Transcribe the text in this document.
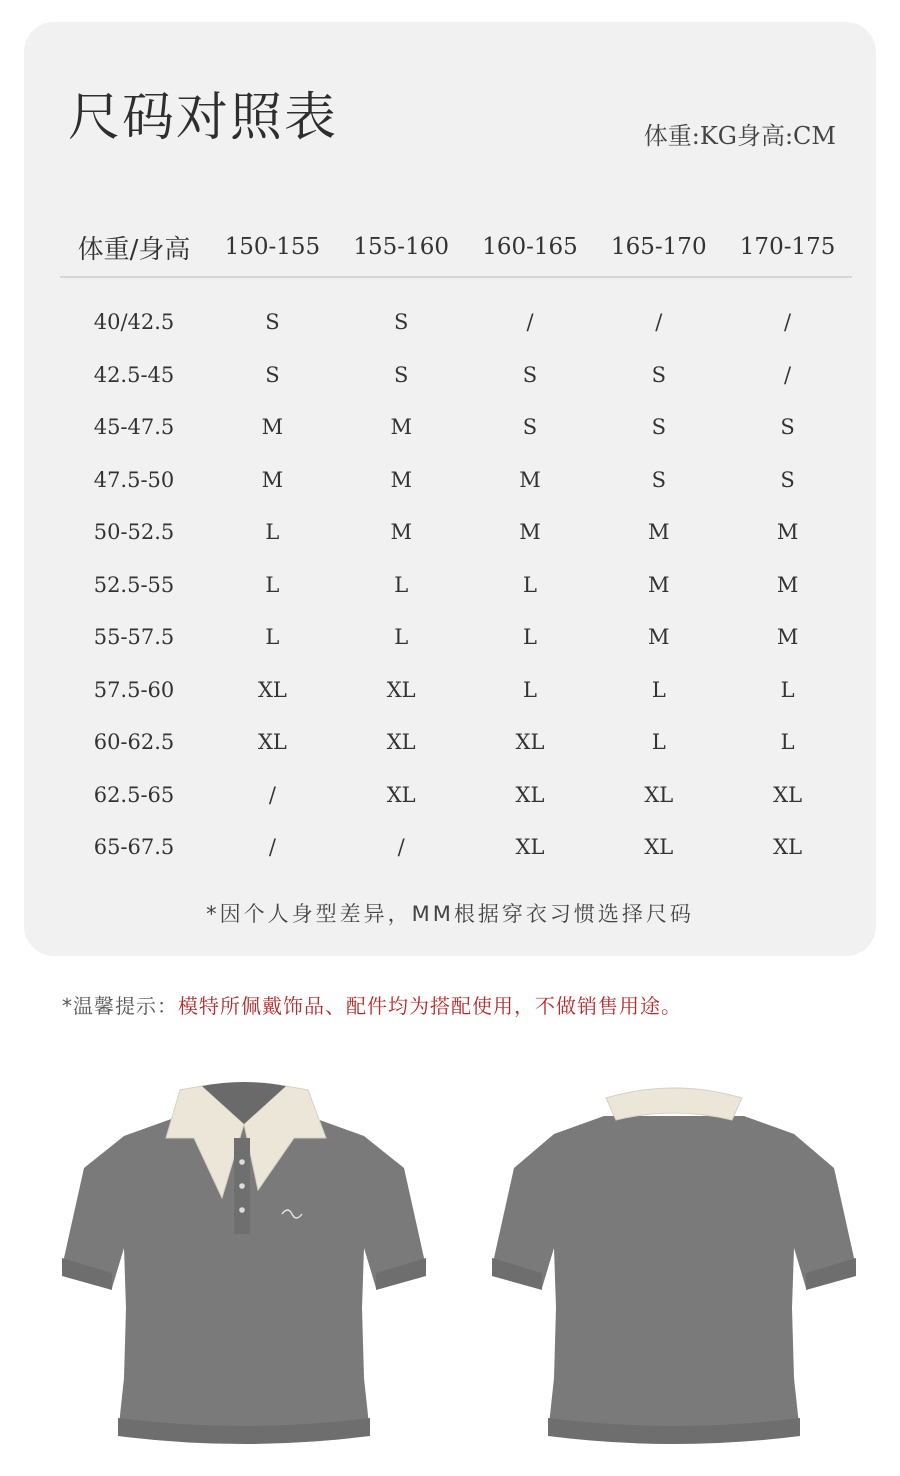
尺码对照表	体重:KG身高:CM
体重/身高	150-155	155-160	160-165	165-170	170-175
40/42.5	S	S	/	/	/
42.5-45	S	S	S	S	/
45-47.5	M	M	S	S	S
47.5-50	M	M	M	S	S
50-52.5	L	M	M	M	M
52.5-55	L	L	L	M	M
55-57.5	L	L	L	M	M
57.5-60	XL	XL	L	L	L
60-62.5	XL	XL	XL	L	L
62.5-65	/	XL	XL	XL	XL
65-67.5	/	/	XL	XL	XL
*因个人身型差异，MM根据穿衣习惯选择尺码
*温馨提示：模特所佩戴饰品、配件均为搭配使用，不做销售用途。
